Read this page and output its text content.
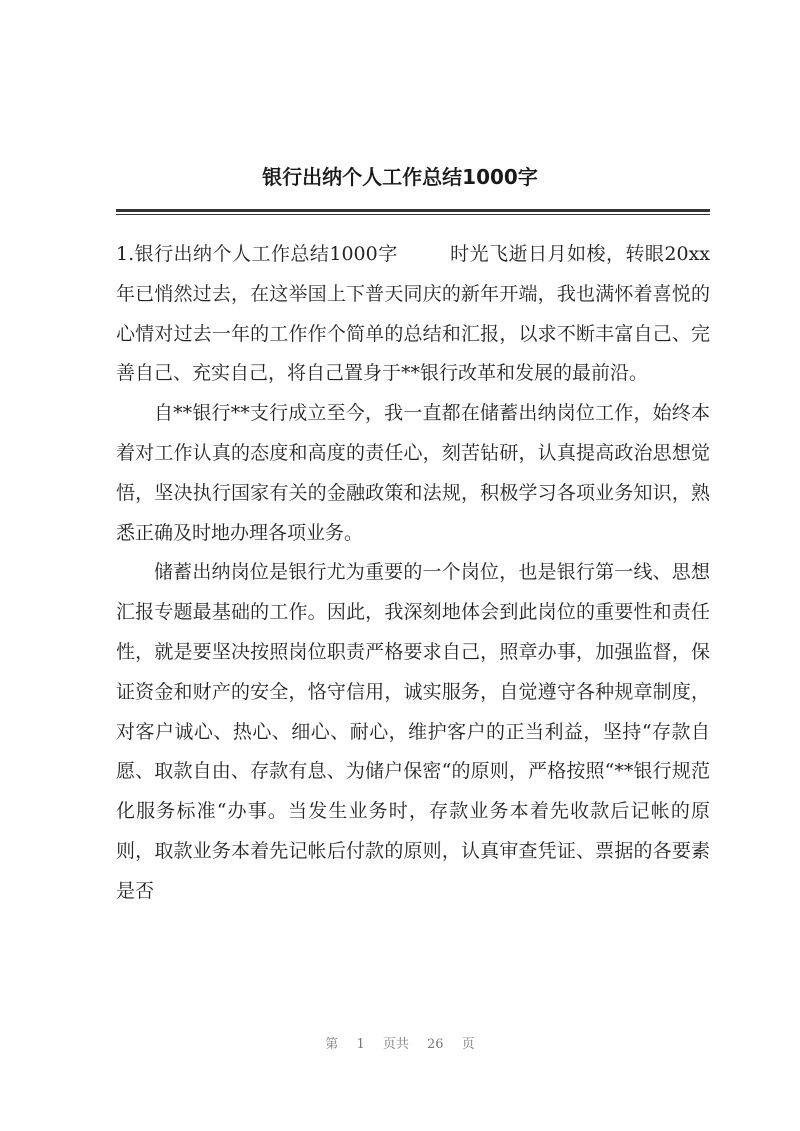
银行出纳个人工作总结1000字

1.银行出纳个人工作总结1000字	时光飞逝日月如梭，转眼20xx年已悄然过去，在这举国上下普天同庆的新年开端，我也满怀着喜悦的心情对过去一年的工作作个简单的总结和汇报，以求不断丰富自己、完善自己、充实自己，将自己置身于**银行改革和发展的最前沿。

自**银行**支行成立至今，我一直都在储蓄出纳岗位工作，始终本着对工作认真的态度和高度的责任心，刻苦钻研，认真提高政治思想觉悟，坚决执行国家有关的金融政策和法规，积极学习各项业务知识，熟悉正确及时地办理各项业务。

储蓄出纳岗位是银行尤为重要的一个岗位，也是银行第一线、思想汇报专题最基础的工作。因此，我深刻地体会到此岗位的重要性和责任性，就是要坚决按照岗位职责严格要求自己，照章办事，加强监督，保证资金和财产的安全，恪守信用，诚实服务，自觉遵守各种规章制度，对客户诚心、热心、细心、耐心，维护客户的正当利益，坚持“存款自愿、取款自由、存款有息、为储户保密“的原则，严格按照“**银行规范化服务标准“办事。当发生业务时，存款业务本着先收款后记帐的原则，取款业务本着先记帐后付款的原则，认真审查凭证、票据的各要素是否

第 1 页共 26 页
